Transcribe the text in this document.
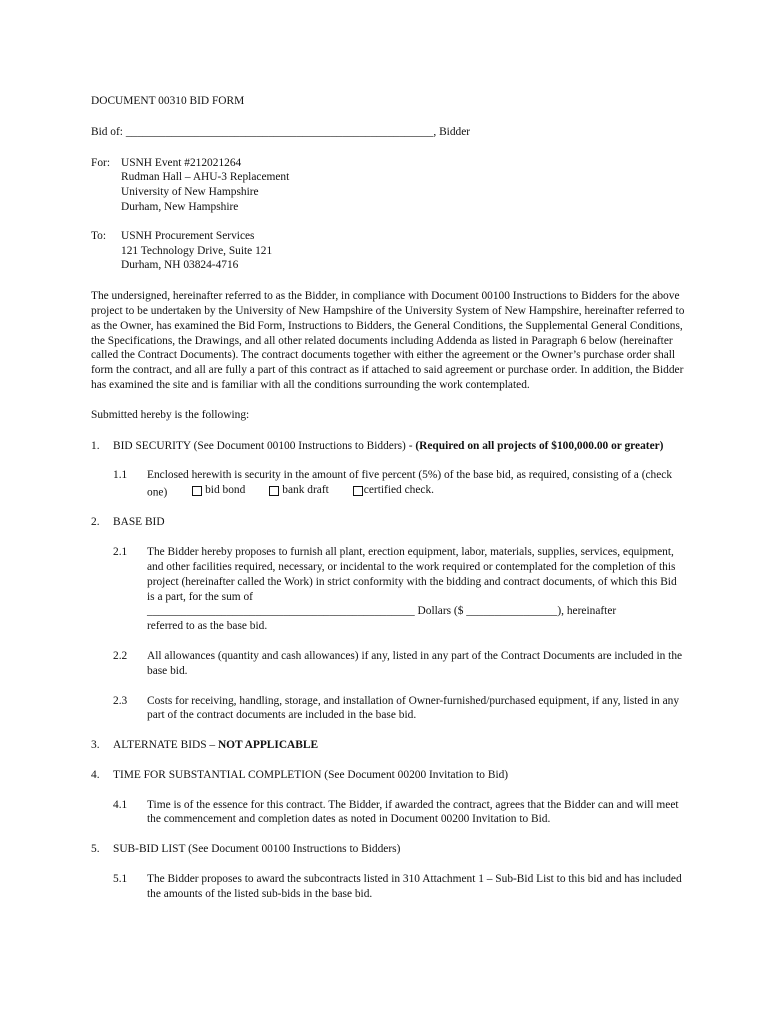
DOCUMENT 00310 BID FORM

Bid of: ______________________________________________________, Bidder

For: USNH Event #212021264
Rudman Hall – AHU-3 Replacement
University of New Hampshire
Durham, New Hampshire
To:	USNH Procurement Services
121 Technology Drive, Suite 121
Durham, NH 03824-4716

The undersigned, hereinafter referred to as the Bidder, in compliance with Document 00100 Instructions to Bidders for the above project to be undertaken by the University of New Hampshire of the University System of New Hampshire, hereinafter referred to as the Owner, has examined the Bid Form, Instructions to Bidders, the General Conditions, the Supplemental General Conditions, the Specifications, the Drawings, and all other related documents including Addenda as listed in Paragraph 6 below (hereinafter called the Contract Documents). The contract documents together with either the agreement or the Owner’s purchase order shall form the contract, and all are fully a part of this contract as if attached to said agreement or purchase order. In addition, the Bidder has examined the site and is familiar with all the conditions surrounding the work contemplated.

Submitted hereby is the following:

1.	BID SECURITY (See Document 00100 Instructions to Bidders) - (Required on all projects of $100,000.00 or greater)
1.1	Enclosed herewith is security in the amount of five percent (5%) of the base bid, as required, consisting of a (check one)	bid bond	bank draft	certified check.
2.	BASE BID
2.1	The Bidder hereby proposes to furnish all plant, erection equipment, labor, materials, supplies, services, equipment, and other facilities required, necessary, or incidental to the work required or contemplated for the completion of this project (hereinafter called the Work) in strict conformity with the bidding and contract documents, of which this Bid is a part, for the sum of
_______________________________________________ Dollars ($ ________________), hereinafter
referred to as the base bid.
2.2	All allowances (quantity and cash allowances) if any, listed in any part of the Contract Documents are included in the base bid.
2.3	Costs for receiving, handling, storage, and installation of Owner-furnished/purchased equipment, if any, listed in any part of the contract documents are included in the base bid.
3.	ALTERNATE BIDS – NOT APPLICABLE
4.	TIME FOR SUBSTANTIAL COMPLETION (See Document 00200 Invitation to Bid)
4.1	Time is of the essence for this contract. The Bidder, if awarded the contract, agrees that the Bidder can and will meet the commencement and completion dates as noted in Document 00200 Invitation to Bid.
5.	SUB-BID LIST (See Document 00100 Instructions to Bidders)
5.1	The Bidder proposes to award the subcontracts listed in 310 Attachment 1 – Sub-Bid List to this bid and has included the amounts of the listed sub-bids in the base bid.
